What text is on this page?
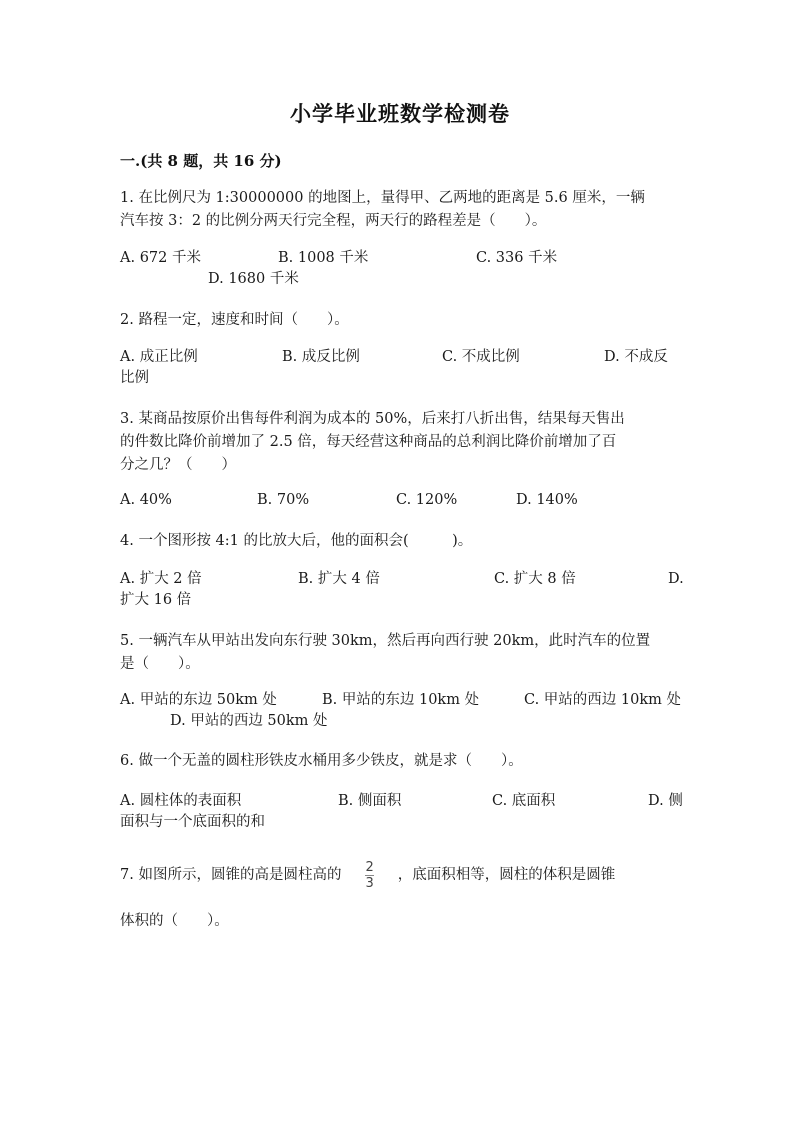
小学毕业班数学检测卷
一.(共 8 题，共 16 分)
1. 在比例尺为 1:30000000 的地图上，量得甲、乙两地的距离是 5.6 厘米，一辆
汽车按 3：2 的比例分两天行完全程，两天行的路程差是（　　）。
A. 672 千米	B. 1008 千米	C. 336 千米
D. 1680 千米
2. 路程一定，速度和时间（　　）。
A. 成正比例	B. 成反比例	C. 不成比例	D. 不成反
比例
3. 某商品按原价出售每件利润为成本的 50%，后来打八折出售，结果每天售出
的件数比降价前增加了 2.5 倍，每天经营这种商品的总利润比降价前增加了百
分之几？（　　）
A. 40%	B. 70%	C. 120%	D. 140%
4. 一个图形按 4:1 的比放大后，他的面积会(　　　)。
A. 扩大 2 倍	B. 扩大 4 倍	C. 扩大 8 倍	D.
扩大 16 倍
5. 一辆汽车从甲站出发向东行驶 30km，然后再向西行驶 20km，此时汽车的位置
是（　　）。
A. 甲站的东边 50km 处	B. 甲站的东边 10km 处	C. 甲站的西边 10km 处
D. 甲站的西边 50km 处
6. 做一个无盖的圆柱形铁皮水桶用多少铁皮，就是求（　　）。
A. 圆柱体的表面积	B. 侧面积	C. 底面积	D. 侧
面积与一个底面积的和
7. 如图所示，圆锥的高是圆柱高的 $\frac{2}{3}$ ，底面积相等，圆柱的体积是圆锥
体积的（　　）。
